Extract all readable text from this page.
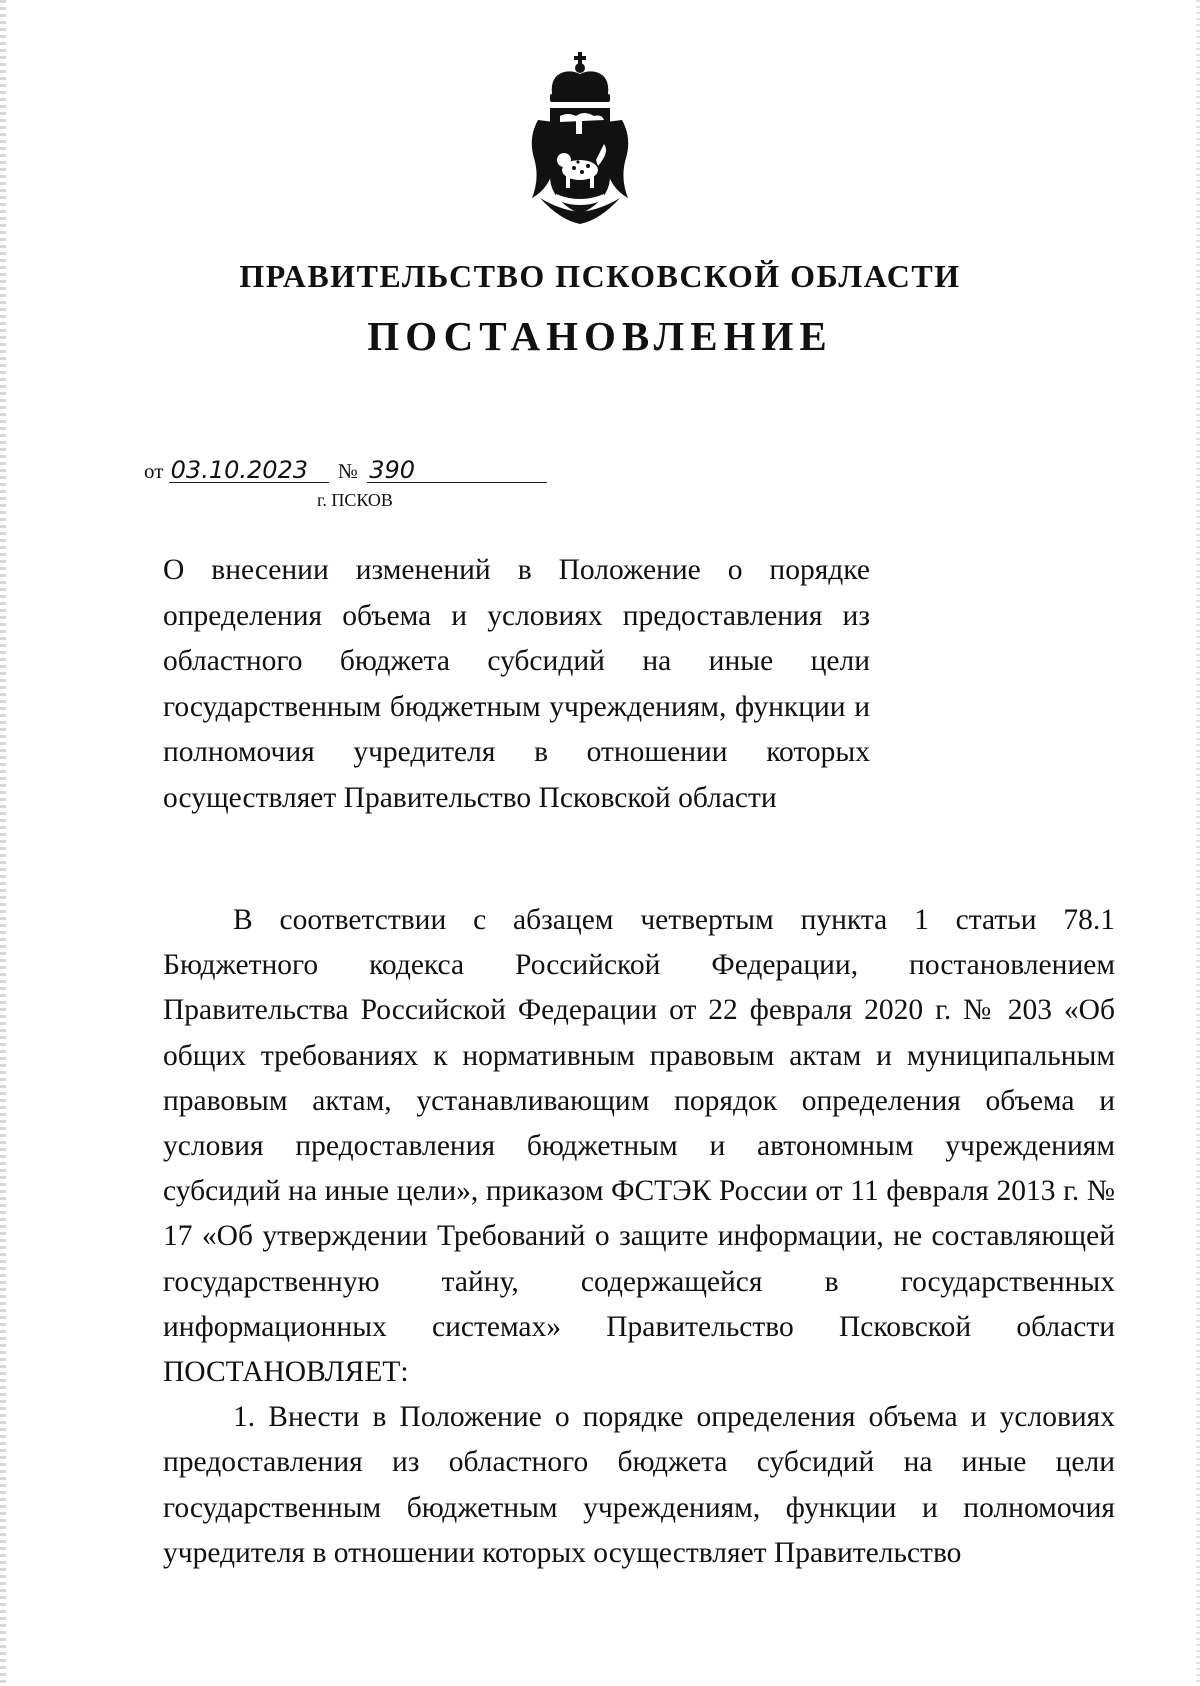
ПРАВИТЕЛЬСТВО ПСКОВСКОЙ ОБЛАСТИ
ПОСТАНОВЛЕНИЕ
от 03.10.2023 № 390
г. ПСКОВ
О внесении изменений в Положение о порядке определения объема и условиях предоставления из областного бюджета субсидий на иные цели государственным бюджетным учреждениям, функции и полномочия учредителя в отношении которых осуществляет Правительство Псковской области

В соответствии с абзацем четвертым пункта 1 статьи 78.1 Бюджетного кодекса Российской Федерации, постановлением Правительства Российской Федерации от 22 февраля 2020 г. № 203 «Об общих требованиях к нормативным правовым актам и муниципальным правовым актам, устанавливающим порядок определения объема и условия предоставления бюджетным и автономным учреждениям субсидий на иные цели», приказом ФСТЭК России от 11 февраля 2013 г. № 17 «Об утверждении Требований о защите информации, не составляющей государственную тайну, содержащейся в государственных информационных системах» Правительство Псковской области ПОСТАНОВЛЯЕТ:

1. Внести в Положение о порядке определения объема и условиях предоставления из областного бюджета субсидий на иные цели государственным бюджетным учреждениям, функции и полномочия учредителя в отношении которых осуществляет Правительство
